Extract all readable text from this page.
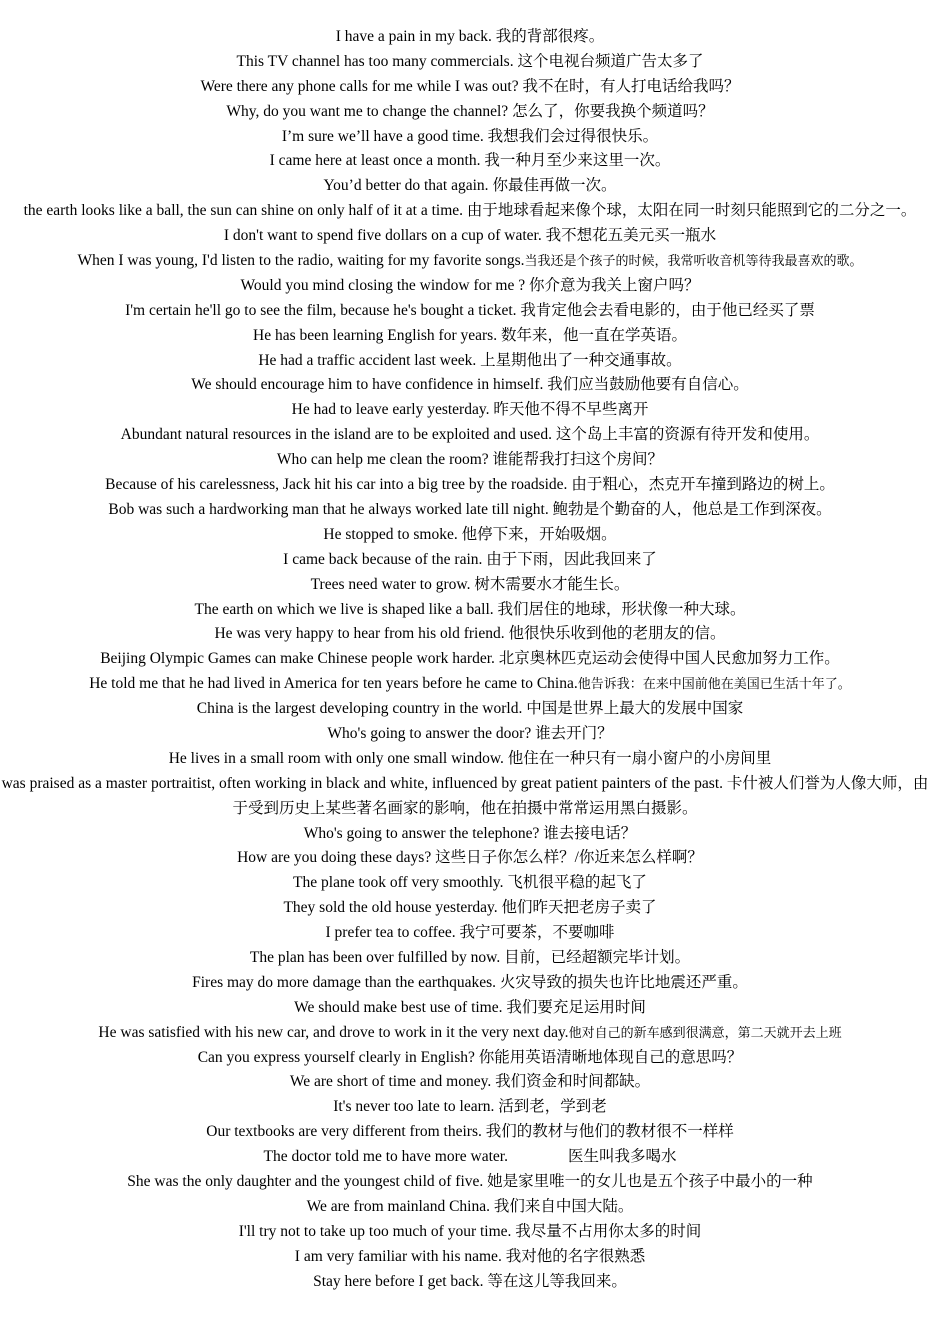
I have a pain in my back. 我的背部很疼。
This TV channel has too many commercials. 这个电视台频道广告太多了
Were there any phone calls for me while I was out? 我不在时，有人打电话给我吗？
Why, do you want me to change the channel? 怎么了，你要我换个频道吗？
I’m sure we’ll have a good time. 我想我们会过得很快乐。
I came here at least once a month. 我一种月至少来这里一次。
You’d better do that again. 你最佳再做一次。
the earth looks like a ball, the sun can shine on only half of it at a time. 由于地球看起来像个球，太阳在同一时刻只能照到它的二分之一。
I don't want to spend five dollars on a cup of water. 我不想花五美元买一瓶水
When I was young, I'd listen to the radio, waiting for my favorite songs.当我还是个孩子的时候，我常听收音机等待我最喜欢的歌。
Would you mind closing the window for me ? 你介意为我关上窗户吗？
I'm certain he'll go to see the film, because he's bought a ticket. 我肯定他会去看电影的，由于他已经买了票
He has been learning English for years. 数年来，他一直在学英语。
He had a traffic accident last week. 上星期他出了一种交通事故。
We should encourage him to have confidence in himself. 我们应当鼓励他要有自信心。
He had to leave early yesterday. 昨天他不得不早些离开
Abundant natural resources in the island are to be exploited and used. 这个岛上丰富的资源有待开发和使用。
Who can help me clean the room? 谁能帮我打扫这个房间？
Because of his carelessness, Jack hit his car into a big tree by the roadside. 由于粗心，杰克开车撞到路边的树上。
Bob was such a hardworking man that he always worked late till night. 鲍勃是个勤奋的人，他总是工作到深夜。
He stopped to smoke. 他停下来，开始吸烟。
I came back because of the rain. 由于下雨，因此我回来了
Trees need water to grow. 树木需要水才能生长。
The earth on which we live is shaped like a ball. 我们居住的地球，形状像一种大球。
He was very happy to hear from his old friend. 他很快乐收到他的老朋友的信。
Beijing Olympic Games can make Chinese people work harder. 北京奥林匹克运动会使得中国人民愈加努力工作。
He told me that he had lived in America for ten years before he came to China.他告诉我：在来中国前他在美国已生活十年了。
China is the largest developing country in the world. 中国是世界上最大的发展中国家
Who's going to answer the door? 谁去开门？
He lives in a small room with only one small window. 他住在一种只有一扇小窗户的小房间里
was praised as a master portraitist, often working in black and white, influenced by great patient painters of the past. 卡什被人们誉为人像大师，由于受到历史上某些著名画家的影响，他在拍摄中常常运用黑白摄影。
Who's going to answer the telephone? 谁去接电话？
How are you doing these days? 这些日子你怎么样？/你近来怎么样啊？
The plane took off very smoothly. 飞机很平稳的起飞了
They sold the old house yesterday. 他们昨天把老房子卖了
I prefer tea to coffee. 我宁可要茶，不要咖啡
The plan has been over fulfilled by now. 目前，已经超额完毕计划。
Fires may do more damage than the earthquakes. 火灾导致的损失也许比地震还严重。
We should make best use of time. 我们要充足运用时间
He was satisfied with his new car, and drove to work in it the very next day.他对自己的新车感到很满意，第二天就开去上班
Can you express yourself clearly in English? 你能用英语清晰地体现自己的意思吗？
We are short of time and money. 我们资金和时间都缺。
It's never too late to learn. 活到老，学到老
Our textbooks are very different from theirs. 我们的教材与他们的教材很不一样样
The doctor told me to have more water.	医生叫我多喝水
She was the only daughter and the youngest child of five. 她是家里唯一的女儿也是五个孩子中最小的一种
We are from mainland China. 我们来自中国大陆。
I'll try not to take up too much of your time. 我尽量不占用你太多的时间
I am very familiar with his name. 我对他的名字很熟悉
Stay here before I get back. 等在这儿等我回来。
